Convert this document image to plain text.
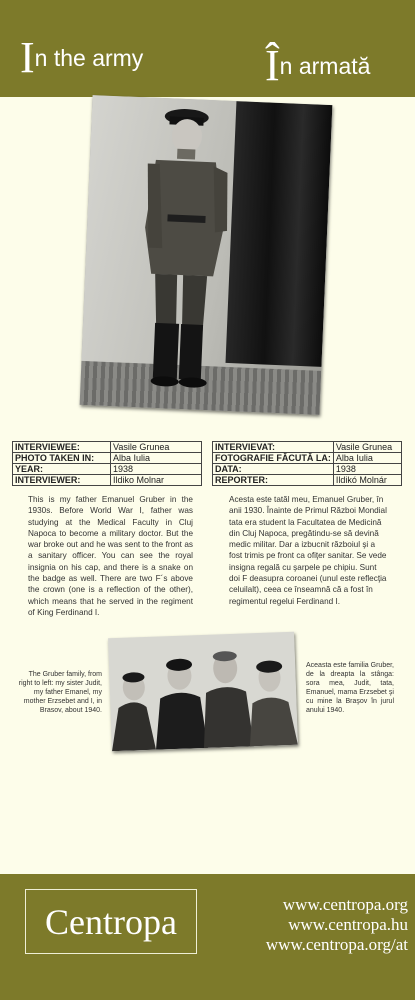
In the army	În armată
INTERVIEWEE:	Vasile Grunea
PHOTO TAKEN IN:	Alba Iulia
YEAR:	1938
INTERVIEWER:	Ildiko Molnar
INTERVIEVAT:	Vasile Grunea
FOTOGRAFIE FĂCUTĂ LA:	Alba Iulia
DATA:	1938
REPORTER:	Ildikó Molnár
This is my father Emanuel Gruber in the 1930s. Before World War I, father was studying at the Medical Faculty in Cluj Napoca to become a military doctor. But the war broke out and he was sent to the front as a sanitary officer. You can see the royal insignia on his cap, and there is a snake on the badge as well. There are two F´s above the crown (one is a reflection of the other), which means that he served in the regiment of King Ferdinand I.
Acesta este tatăl meu, Emanuel Gruber, în anii 1930. Înainte de Primul Război Mondial tata era student la Facultatea de Medicină din Cluj Napoca, pregătindu-se să devină medic militar. Dar a izbucnit războiul şi a fost trimis pe front ca ofiţer sanitar. Se vede insigna regală cu şarpele pe chipiu. Sunt doi F deasupra coroanei (unul este reflecţia celuilalt), ceea ce înseamnă că a fost în regimentul regelui Ferdinand I.
The Gruber family, from right to left: my sister Judit, my father Emanel, my mother Erzsebet and I, in Brasov, about 1940.
Aceasta este familia Gruber, de la dreapta la stânga: sora mea, Judit, tata, Emanuel, mama Erzsebet şi cu mine la Braşov în jurul anului 1940.
Centropa	www.centropa.org
www.centropa.hu
www.centropa.org/at
